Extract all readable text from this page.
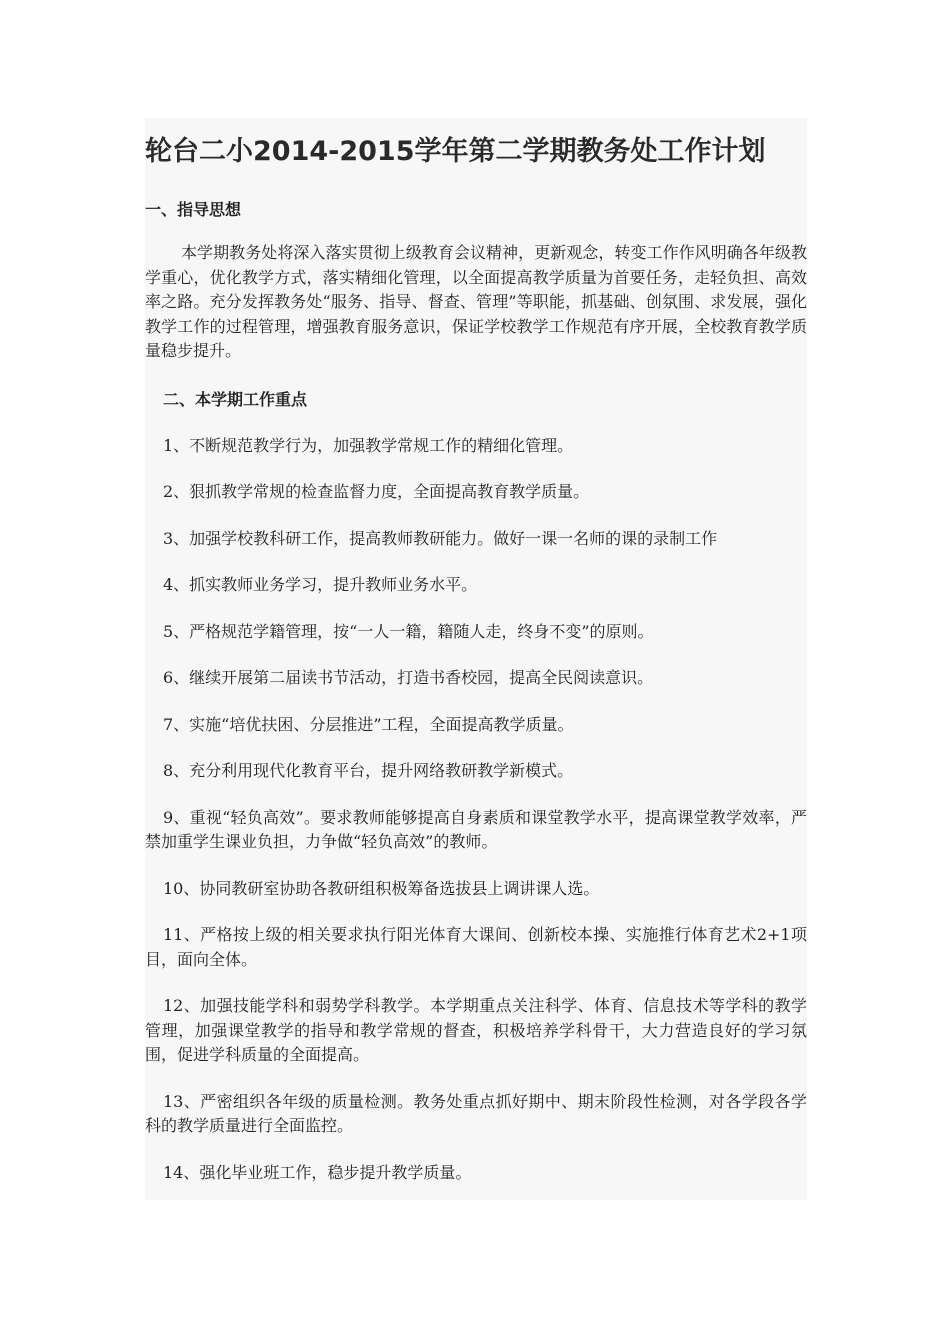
轮台二小2014-2015学年第二学期教务处工作计划
一、指导思想

本学期教务处将深入落实贯彻上级教育会议精神，更新观念，转变工作作风明确各年级教学重心，优化教学方式，落实精细化管理，以全面提高教学质量为首要任务，走轻负担、高效率之路。充分发挥教务处“服务、指导、督查、管理”等职能，抓基础、创氛围、求发展，强化教学工作的过程管理，增强教育服务意识，保证学校教学工作规范有序开展，全校教育教学质量稳步提升。

二、本学期工作重点

1、不断规范教学行为，加强教学常规工作的精细化管理。

2、狠抓教学常规的检查监督力度，全面提高教育教学质量。

3、加强学校教科研工作，提高教师教研能力。做好一课一名师的课的录制工作

4、抓实教师业务学习，提升教师业务水平。

5、严格规范学籍管理，按“一人一籍，籍随人走，终身不变”的原则。

6、继续开展第二届读书节活动，打造书香校园，提高全民阅读意识。

7、实施“培优扶困、分层推进”工程，全面提高教学质量。

8、充分利用现代化教育平台，提升网络教研教学新模式。

9、重视“轻负高效”。要求教师能够提高自身素质和课堂教学水平，提高课堂教学效率，严禁加重学生课业负担，力争做“轻负高效”的教师。

10、协同教研室协助各教研组积极筹备选拔县上调讲课人选。

11、严格按上级的相关要求执行阳光体育大课间、创新校本操、实施推行体育艺术2+1项目，面向全体。

12、加强技能学科和弱势学科教学。本学期重点关注科学、体育、信息技术等学科的教学管理，加强课堂教学的指导和教学常规的督查，积极培养学科骨干，大力营造良好的学习氛围，促进学科质量的全面提高。

13、严密组织各年级的质量检测。教务处重点抓好期中、期末阶段性检测，对各学段各学科的教学质量进行全面监控。

14、强化毕业班工作，稳步提升教学质量。
